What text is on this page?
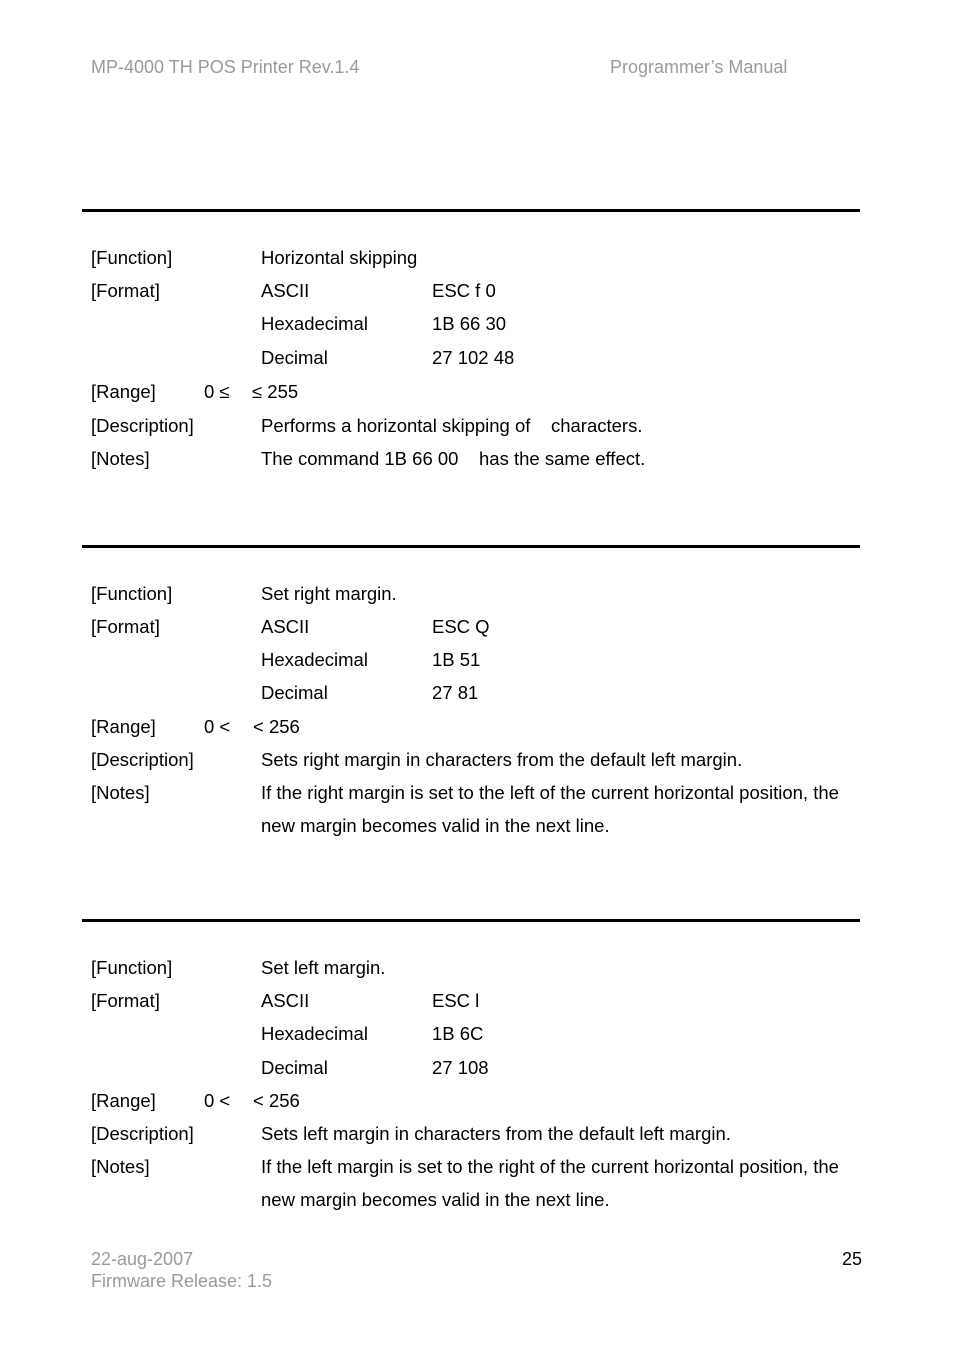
MP-4000 TH POS Printer Rev.1.4	Programmer’s Manual
[Function]	Horizontal skipping
[Format]	ASCII	ESC f 0
Hexadecimal	1B 66 30
Decimal	27 102 48
[Range]	0 ≤ ≤ 255
[Description]	Performs a horizontal skipping of    characters.
[Notes]	The command 1B 66 00    has the same effect.
[Function]	Set right margin.
[Format]	ASCII	ESC Q
Hexadecimal	1B 51
Decimal	27 81
[Range]	0 < < 256
[Description]	Sets right margin in characters from the default left margin.
[Notes]	If the right margin is set to the left of the current horizontal position, the
new margin becomes valid in the next line.
[Function]	Set left margin.
[Format]	ASCII	ESC l
Hexadecimal	1B 6C
Decimal	27 108
[Range]	0 < < 256
[Description]	Sets left margin in characters from the default left margin.
[Notes]	If the left margin is set to the right of the current horizontal position, the
new margin becomes valid in the next line.
22-aug-2007
Firmware Release: 1.5
25
